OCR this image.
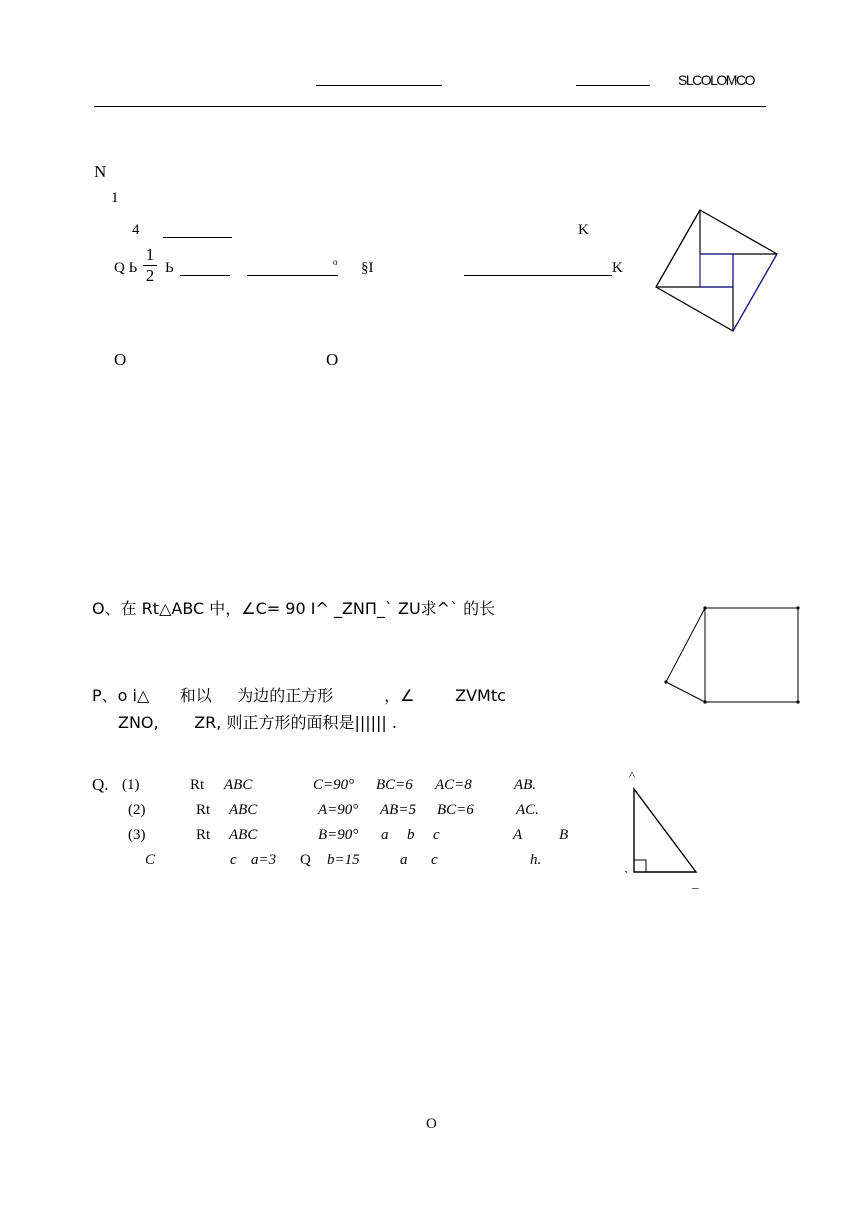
SLCOLOMCO
N
1
4	K
Q Ь
1
2 Ь	o §I	K
O	O
O、在 Rt△ABC 中，∠C= 90 I^ _ZNП_` ZU求^` 的长
P、o i△      和以     为边的正方形          ，∠        ZVMtc
ZNO,       ZR, 则正方形的面积是|||||| .
Q. (1)	Rt ABC	C=90° BC=6 AC=8	AB.
(2)	Rt ABC	A=90° AB=5 BC=6	AC.
(3)	Rt ABC	B=90° a b c	A B
C	c a=3 Q b=15	a c	h.
^
`	_
O
